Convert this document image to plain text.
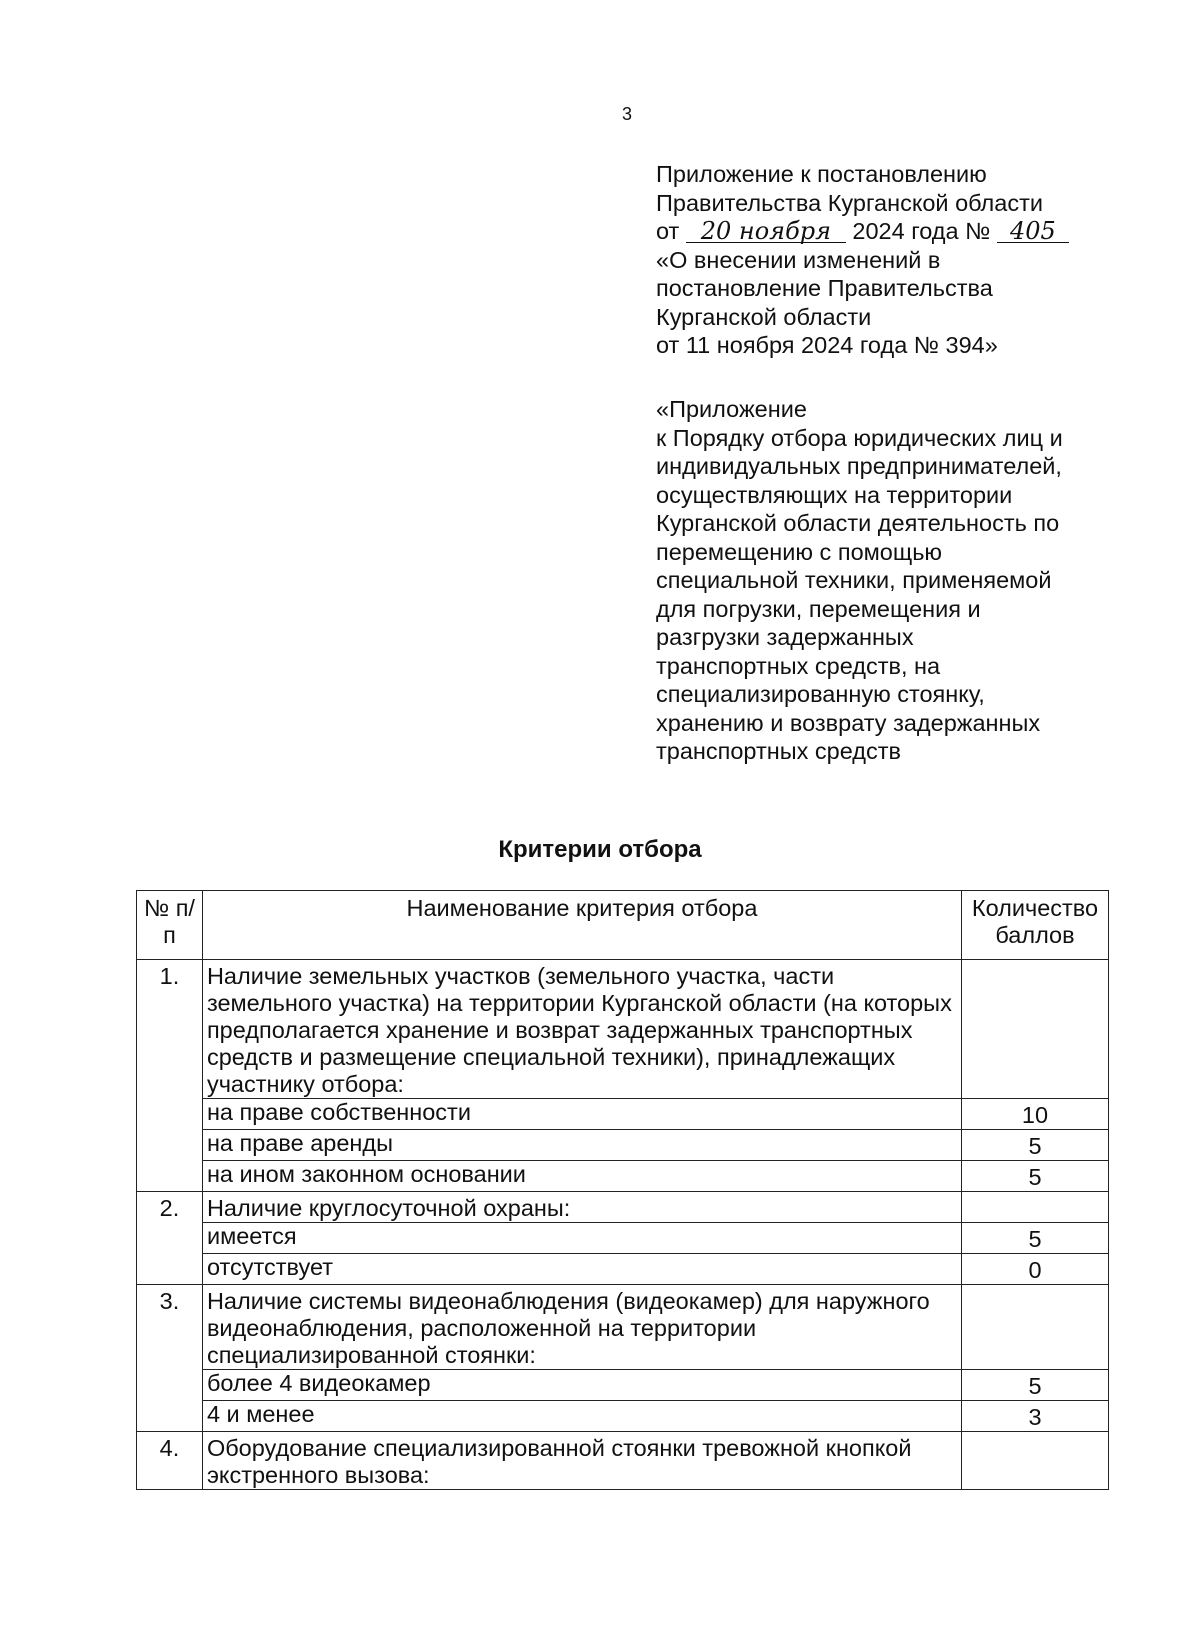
3
Приложение к постановлению
Правительства Курганской области
от 20 ноября 2024 года № 405
«О внесении изменений в
постановление Правительства
Курганской области
от 11 ноября 2024 года № 394»
«Приложение
к Порядку отбора юридических лиц и
индивидуальных предпринимателей,
осуществляющих на территории
Курганской области деятельность по
перемещению с помощью
специальной техники, применяемой
для погрузки, перемещения и
разгрузки задержанных
транспортных средств, на
специализированную стоянку,
хранению и возврату задержанных
транспортных средств
Критерии отбора
№ п/п	Наименование критерия отбора	Количество баллов
1.	Наличие земельных участков (земельного участка, части земельного участка) на территории Курганской области (на которых предполагается хранение и возврат задержанных транспортных средств и размещение специальной техники), принадлежащих участнику отбора:	
	на праве собственности	10
	на праве аренды	5
	на ином законном основании	5
2.	Наличие круглосуточной охраны:	
	имеется	5
	отсутствует	0
3.	Наличие системы видеонаблюдения (видеокамер) для наружного видеонаблюдения, расположенной на территории специализированной стоянки:	
	более 4 видеокамер	5
	4 и менее	3
4.	Оборудование специализированной стоянки тревожной кнопкой экстренного вызова:	
